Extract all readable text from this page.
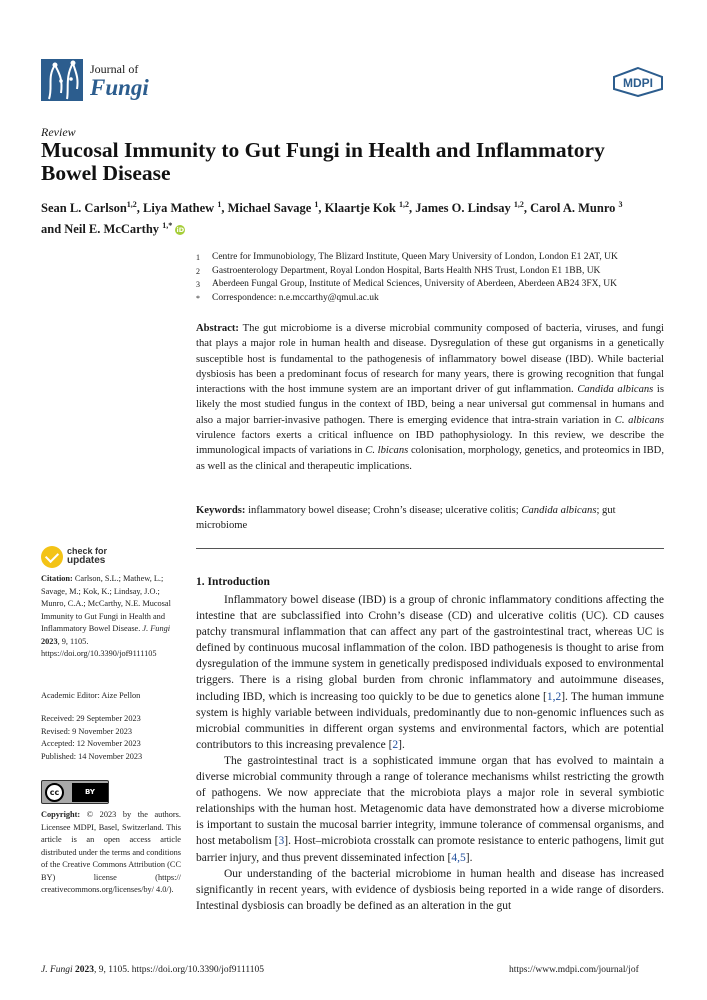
Journal of
Fungi	MDPI
Review
Mucosal Immunity to Gut Fungi in Health and Inflammatory Bowel Disease
Sean L. Carlson$^{1,2}$, Liya Mathew $^1$, Michael Savage $^1$, Klaartje Kok $^{1,2}$, James O. Lindsay $^{1,2}$, Carol A. Munro $^3$
and Neil E. McCarthy $^{1,*}$ iD
1	Centre for Immunobiology, The Blizard Institute, Queen Mary University of London, London E1 2AT, UK
2	Gastroenterology Department, Royal London Hospital, Barts Health NHS Trust, London E1 1BB, UK
3	Aberdeen Fungal Group, Institute of Medical Sciences, University of Aberdeen, Aberdeen AB24 3FX, UK
*	Correspondence: n.e.mccarthy@qmul.ac.uk
Abstract: The gut microbiome is a diverse microbial community composed of bacteria, viruses, and fungi that plays a major role in human health and disease. Dysregulation of these gut organisms in a genetically susceptible host is fundamental to the pathogenesis of inflammatory bowel disease (IBD). While bacterial dysbiosis has been a predominant focus of research for many years, there is growing recognition that fungal interactions with the host immune system are an important driver of gut inflammation. Candida albicans is likely the most studied fungus in the context of IBD, being a near universal gut commensal in humans and also a major barrier-invasive pathogen. There is emerging evidence that intra-strain variation in C. albicans virulence factors exerts a critical influence on IBD pathophysiology. In this review, we describe the immunological impacts of variations in C. lbicans colonisation, morphology, genetics, and proteomics in IBD, as well as the clinical and therapeutic implications.
Keywords: inflammatory bowel disease; Crohn’s disease; ulcerative colitis; Candida albicans; gut microbiome
check for
updates
Citation: Carlson, S.L.; Mathew, L.; Savage, M.; Kok, K.; Lindsay, J.O.; Munro, C.A.; McCarthy, N.E. Mucosal Immunity to Gut Fungi in Health and Inflammatory Bowel Disease. J. Fungi 2023, 9, 1105. https://doi.org/10.3390/jof9111105
Academic Editor: Aize Pellon
Received: 29 September 2023
Revised: 9 November 2023
Accepted: 12 November 2023
Published: 14 November 2023
cc	BY
Copyright: © 2023 by the authors. Licensee MDPI, Basel, Switzerland. This article is an open access article distributed under the terms and conditions of the Creative Commons Attribution (CC BY) license (https:// creativecommons.org/licenses/by/ 4.0/).
1. Introduction

Inflammatory bowel disease (IBD) is a group of chronic inflammatory conditions affecting the intestine that are subclassified into Crohn’s disease (CD) and ulcerative colitis (UC). CD causes patchy transmural inflammation that can affect any part of the gastrointestinal tract, whereas UC is defined by continuous mucosal inflammation of the colon. IBD pathogenesis is thought to arise from dysregulation of the immune system in genetically predisposed individuals exposed to environmental triggers. There is a rising global burden from chronic inflammatory and autoimmune diseases, including IBD, which is increasing too quickly to be due to genetics alone [1,2]. The human immune system is highly variable between individuals, predominantly due to non-genomic influences such as microbial communities in different organ systems and environmental factors, which are potential contributors to this increasing prevalence [2].

The gastrointestinal tract is a sophisticated immune organ that has evolved to maintain a diverse microbial community through a range of tolerance mechanisms whilst restricting the growth of pathogens. We now appreciate that the microbiota plays a major role in several symbiotic relationships with the human host. Metagenomic data have demonstrated how a diverse microbiome is important to sustain the mucosal barrier integrity, immune tolerance of commensal organisms, and host metabolism [3]. Host–microbiota crosstalk can promote resistance to enteric pathogens, limit gut barrier injury, and thus prevent disseminated infection [4,5].

Our understanding of the bacterial microbiome in human health and disease has increased significantly in recent years, with evidence of dysbiosis being reported in a wide range of disorders. Intestinal dysbiosis can broadly be defined as an alteration in the gut

J. Fungi 2023, 9, 1105. https://doi.org/10.3390/jof9111105	https://www.mdpi.com/journal/jof
